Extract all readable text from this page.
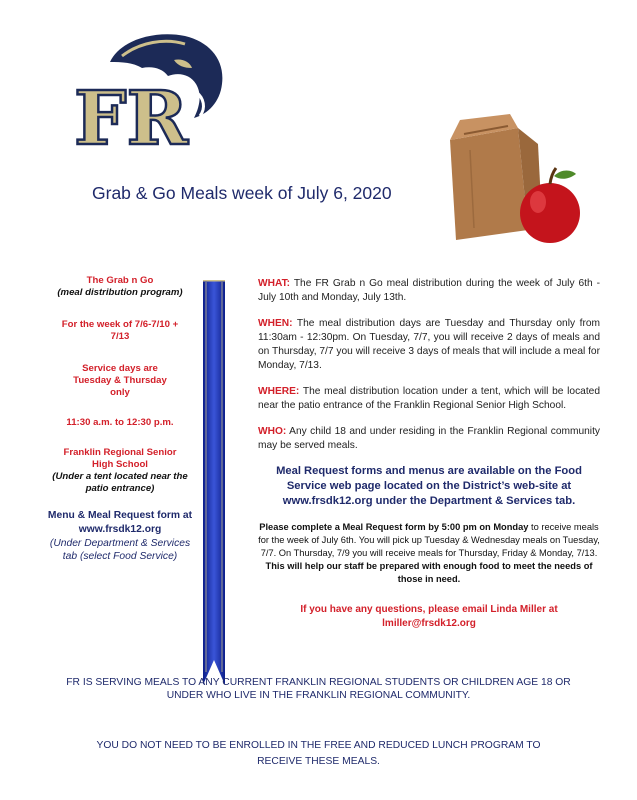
FR
Grab & Go Meals week of July 6, 2020
The Grab n Go
(meal distribution program)
For the week of 7/6-7/10 + 7/13
Service days are Tuesday & Thursday only
11:30 a.m. to 12:30 p.m.
Franklin Regional Senior High School
(Under a tent located near the patio entrance)
Menu & Meal Request form at
www.frsdk12.org
(Under Department & Services tab (select Food Service)
WHAT: The FR Grab n Go meal distribution during the week of July 6th - July 10th and Monday, July 13th.
WHEN: The meal distribution days are Tuesday and Thursday only from 11:30am - 12:30pm. On Tuesday, 7/7, you will receive 2 days of meals and on Thursday, 7/7 you will receive 3 days of meals that will include a meal for Monday, 7/13.
WHERE: The meal distribution location under a tent, which will be located near the patio entrance of the Franklin Regional Senior High School.
WHO: Any child 18 and under residing in the Franklin Regional community may be served meals.
Meal Request forms and menus are available on the Food Service web page located on the District’s web-site at www.frsdk12.org under the Department & Services tab.
Please complete a Meal Request form by 5:00 pm on Monday to receive meals for the week of July 6th. You will pick up Tuesday & Wednesday meals on Tuesday, 7/7. On Thursday, 7/9 you will receive meals for Thursday, Friday & Monday, 7/13. This will help our staff be prepared with enough food to meet the needs of those in need.
If you have any questions, please email Linda Miller at
lmiller@frsdk12.org
FR IS SERVING MEALS TO ANY CURRENT FRANKLIN REGIONAL STUDENTS OR CHILDREN AGE 18 OR UNDER WHO LIVE IN THE FRANKLIN REGIONAL COMMUNITY.
YOU DO NOT NEED TO BE ENROLLED IN THE FREE AND REDUCED LUNCH PROGRAM TO RECEIVE THESE MEALS.
